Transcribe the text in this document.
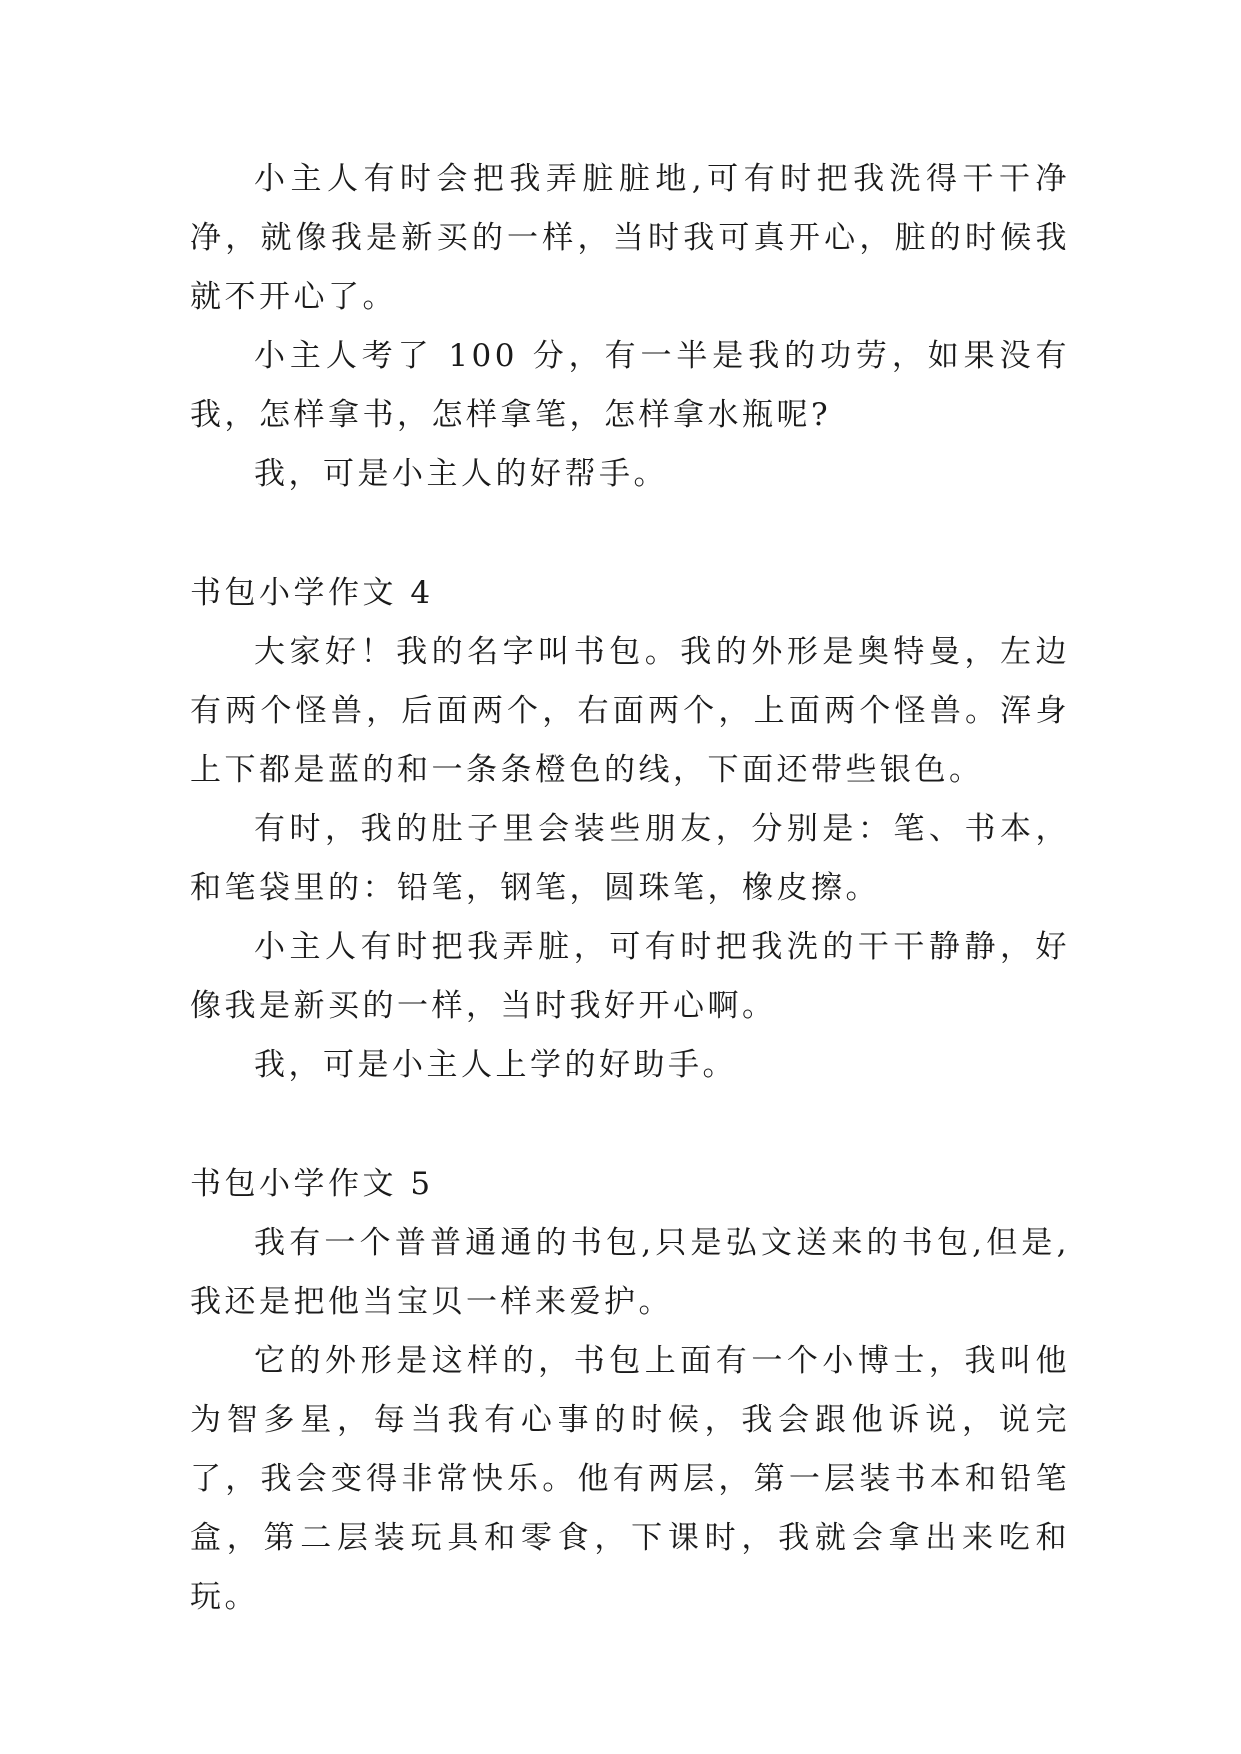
小主人有时会把我弄脏脏地,可有时把我洗得干干净净，就像我是新买的一样，当时我可真开心，脏的时候我就不开心了。

小主人考了 100 分，有一半是我的功劳，如果没有我，怎样拿书，怎样拿笔，怎样拿水瓶呢?

我，可是小主人的好帮手。

书包小学作文 4

大家好！我的名字叫书包。我的外形是奥特曼，左边有两个怪兽，后面两个，右面两个，上面两个怪兽。浑身上下都是蓝的和一条条橙色的线，下面还带些银色。

有时，我的肚子里会装些朋友，分别是：笔、书本，和笔袋里的：铅笔，钢笔，圆珠笔，橡皮擦。

小主人有时把我弄脏，可有时把我洗的干干静静，好像我是新买的一样，当时我好开心啊。

我，可是小主人上学的好助手。

书包小学作文 5

我有一个普普通通的书包,只是弘文送来的书包,但是,我还是把他当宝贝一样来爱护。

它的外形是这样的，书包上面有一个小博士，我叫他为智多星，每当我有心事的时候，我会跟他诉说，说完了，我会变得非常快乐。他有两层，第一层装书本和铅笔盒，第二层装玩具和零食，下课时，我就会拿出来吃和玩。
